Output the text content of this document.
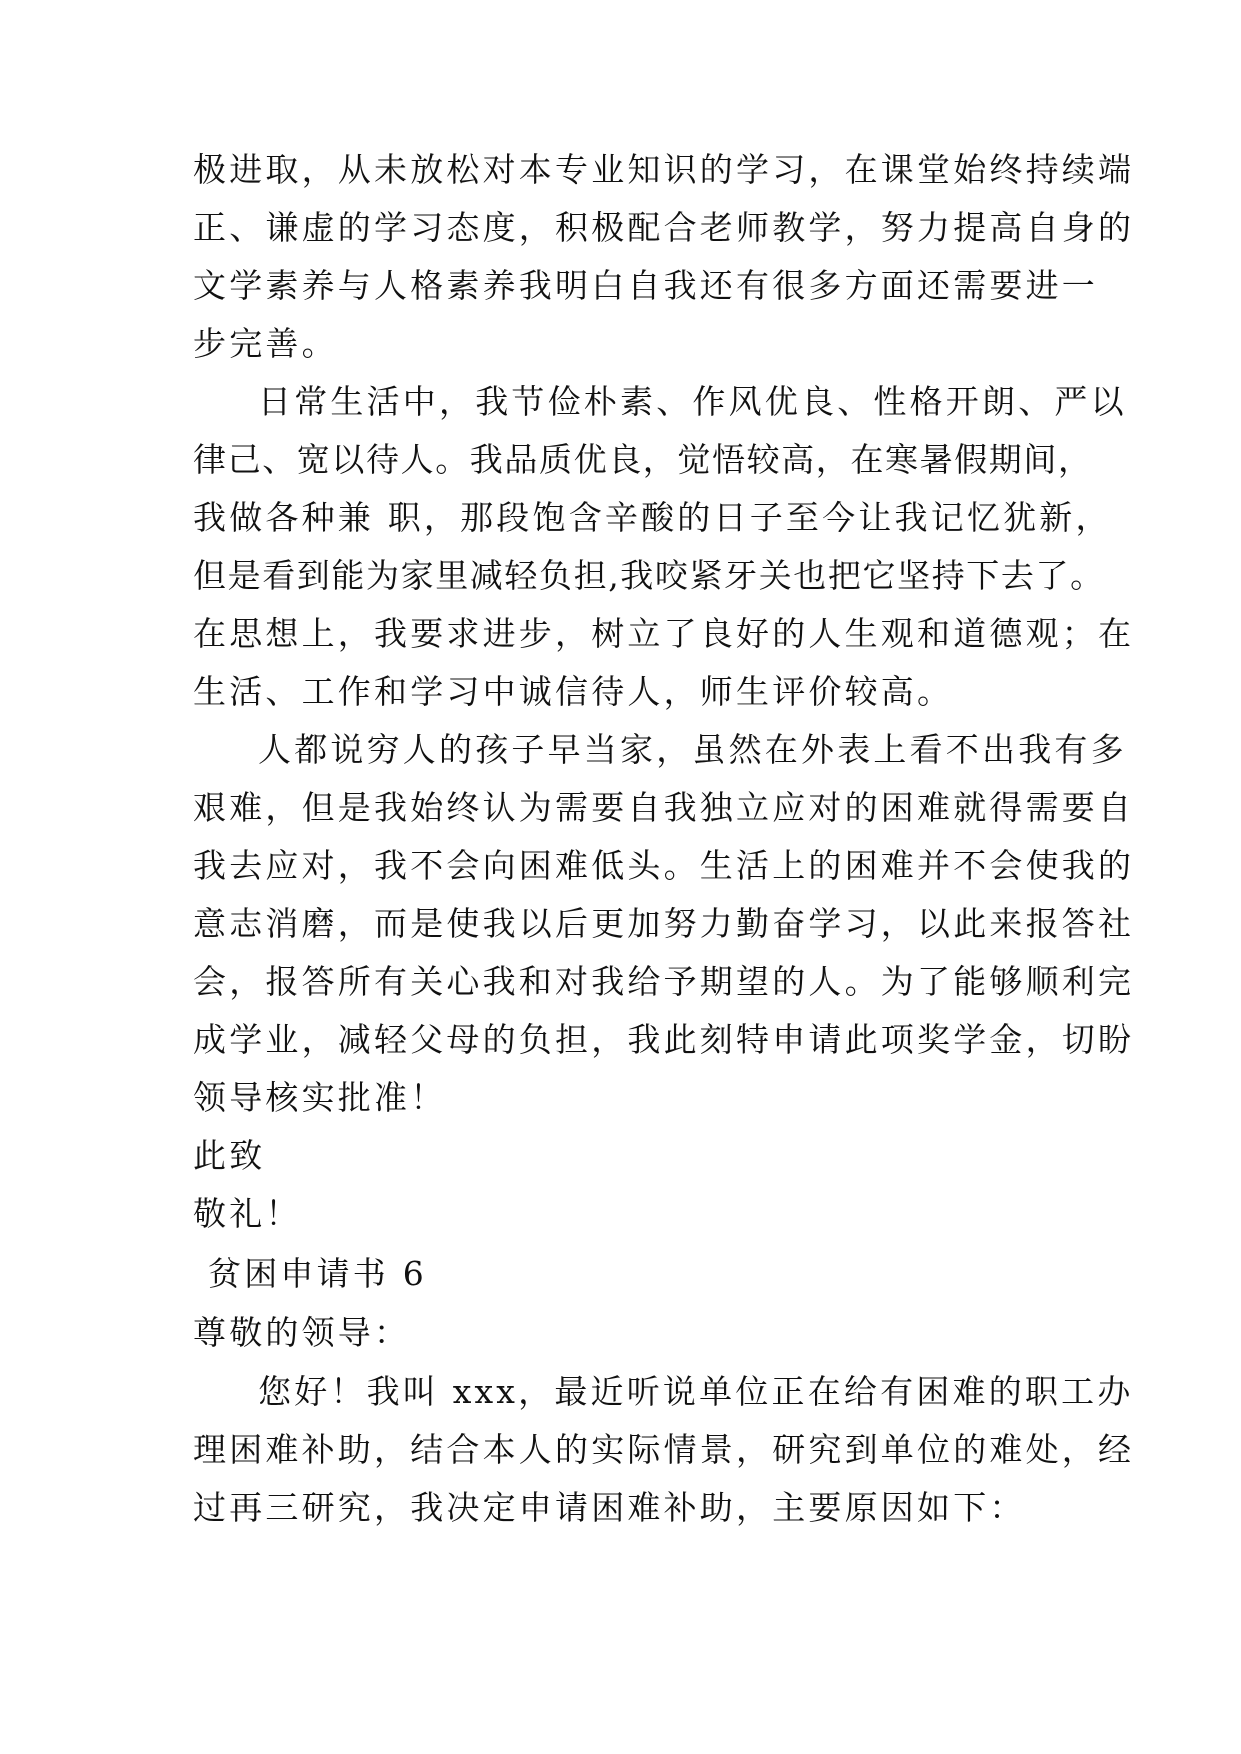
极进取，从未放松对本专业知识的学习，在课堂始终持续端
正、谦虚的学习态度，积极配合老师教学，努力提高自身的
文学素养与人格素养我明白自我还有很多方面还需要进一
步完善。
日常生活中，我节俭朴素、作风优良、性格开朗、严以
律己、宽以待人。我品质优良，觉悟较高，在寒暑假期间，
我做各种兼 职，那段饱含辛酸的日子至今让我记忆犹新，
但是看到能为家里减轻负担,我咬紧牙关也把它坚持下去了。
在思想上，我要求进步，树立了良好的人生观和道德观；在
生活、工作和学习中诚信待人，师生评价较高。
人都说穷人的孩子早当家，虽然在外表上看不出我有多
艰难，但是我始终认为需要自我独立应对的困难就得需要自
我去应对，我不会向困难低头。生活上的困难并不会使我的
意志消磨，而是使我以后更加努力勤奋学习，以此来报答社
会，报答所有关心我和对我给予期望的人。为了能够顺利完
成学业，减轻父母的负担，我此刻特申请此项奖学金，切盼
领导核实批准！
此致
敬礼！
贫困申请书 6
尊敬的领导：
您好！我叫 xxx，最近听说单位正在给有困难的职工办
理困难补助，结合本人的实际情景，研究到单位的难处，经
过再三研究，我决定申请困难补助，主要原因如下：
